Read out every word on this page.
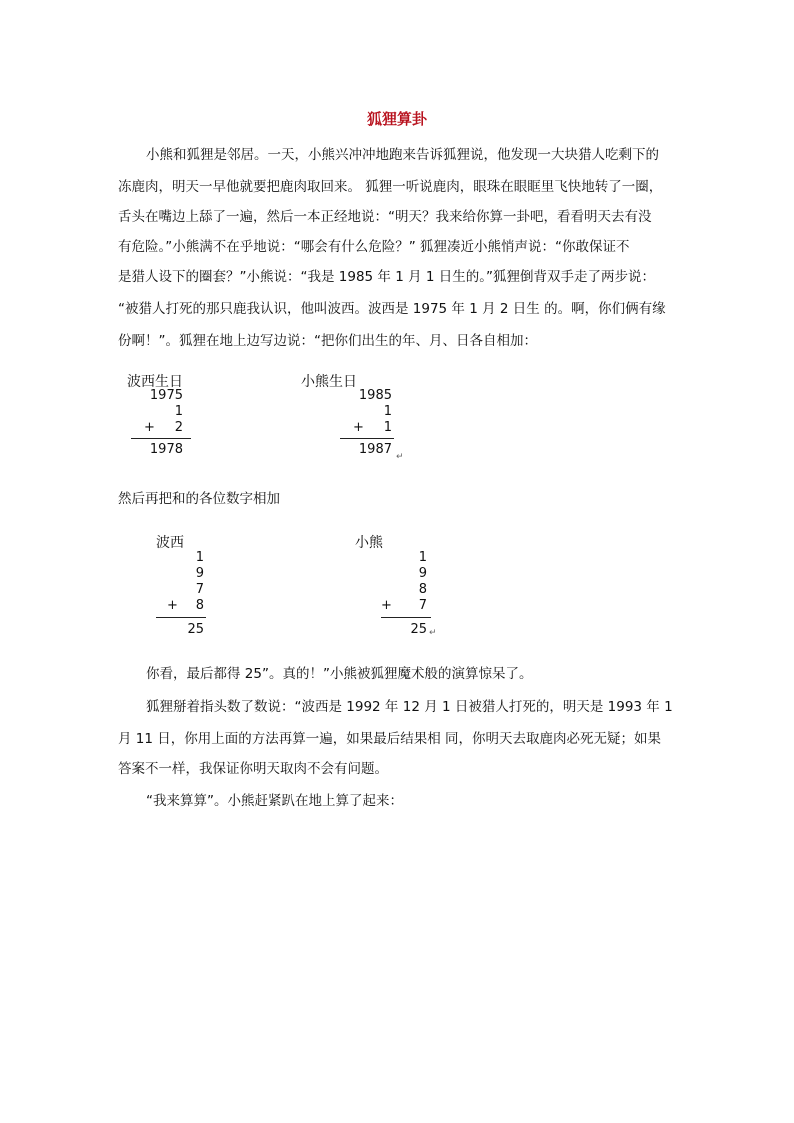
狐狸算卦
小熊和狐狸是邻居。一天，小熊兴冲冲地跑来告诉狐狸说，他发现一大块猎人吃剩下的
冻鹿肉，明天一早他就要把鹿肉取回来。 狐狸一听说鹿肉，眼珠在眼眶里飞快地转了一圈，
舌头在嘴边上舔了一遍，然后一本正经地说：“明天？我来给你算一卦吧，看看明天去有没
有危险。”小熊满不在乎地说：“哪会有什么危险？” 狐狸凑近小熊悄声说：“你敢保证不
是猎人设下的圈套？”小熊说：“我是 1985 年 1 月 1 日生的。”狐狸倒背双手走了两步说：
“被猎人打死的那只鹿我认识，他叫波西。波西是 1975 年 1 月 2 日生 的。啊，你们俩有缘
份啊！”。狐狸在地上边写边说：“把你们出生的年、月、日各自相加：
波西生日
1975
1
+	2
1978
小熊生日
1985
1
+	1
1987 ↵
然后再把和的各位数字相加
波西
1
9
7
+	8
25
小熊
1
9
8
+	7
25 ↵
你看，最后都得 25”。真的！”小熊被狐狸魔术般的演算惊呆了。
狐狸掰着指头数了数说：“波西是 1992 年 12 月 1 日被猎人打死的，明天是 1993 年 1
月 11 日，你用上面的方法再算一遍，如果最后结果相 同，你明天去取鹿肉必死无疑；如果
答案不一样，我保证你明天取肉不会有问题。
“我来算算”。小熊赶紧趴在地上算了起来：
